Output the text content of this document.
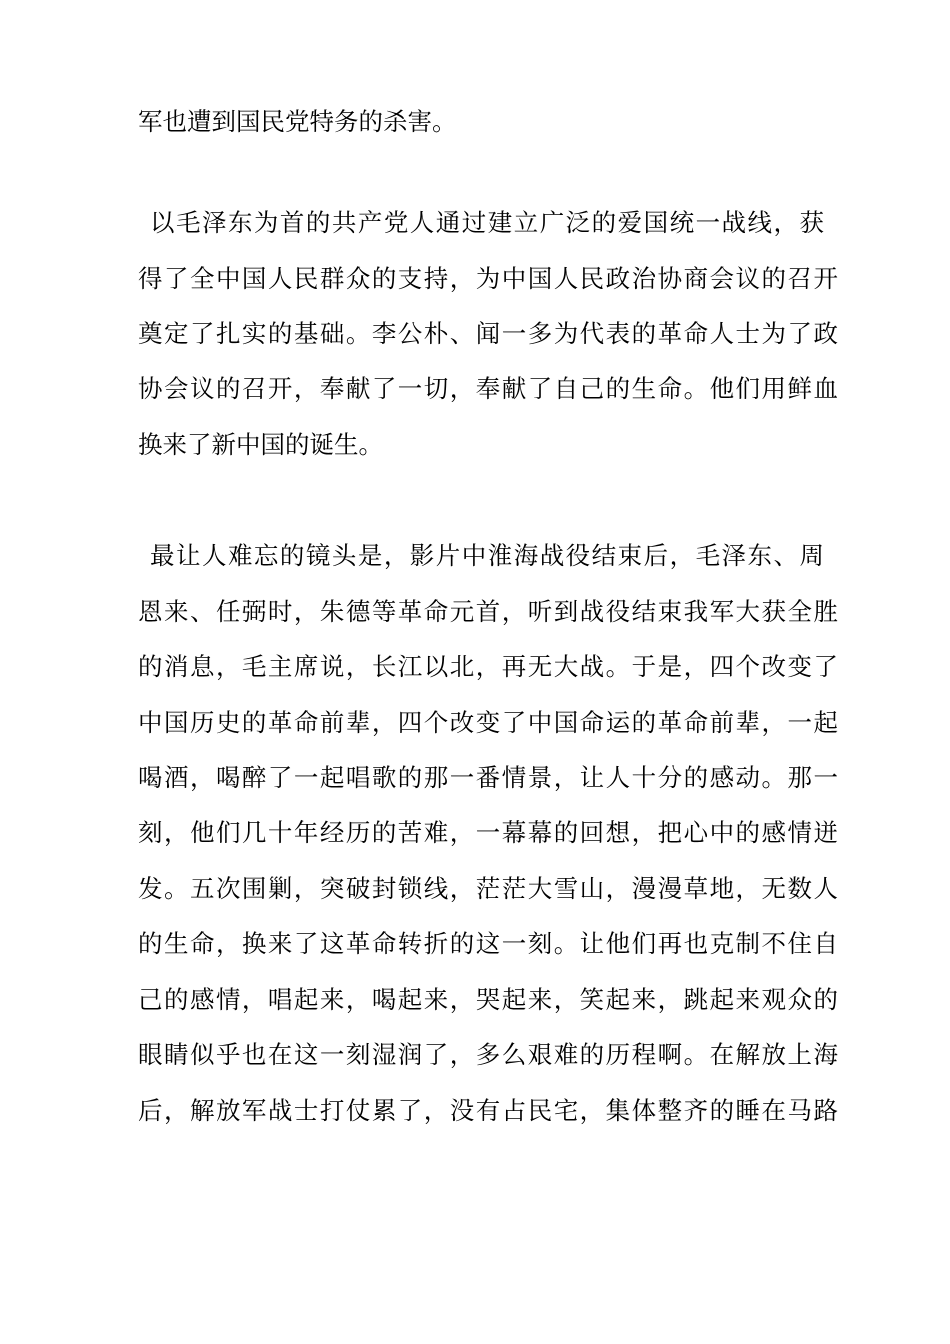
军也遭到国民党特务的杀害。
以毛泽东为首的共产党人通过建立广泛的爱国统一战线，获
得了全中国人民群众的支持，为中国人民政治协商会议的召开
奠定了扎实的基础。李公朴、闻一多为代表的革命人士为了政
协会议的召开，奉献了一切，奉献了自己的生命。他们用鲜血
换来了新中国的诞生。
最让人难忘的镜头是，影片中淮海战役结束后，毛泽东、周
恩来、任弼时，朱德等革命元首，听到战役结束我军大获全胜
的消息，毛主席说，长江以北，再无大战。于是，四个改变了
中国历史的革命前辈，四个改变了中国命运的革命前辈，一起
喝酒，喝醉了一起唱歌的那一番情景，让人十分的感动。那一
刻，他们几十年经历的苦难，一幕幕的回想，把心中的感情迸
发。五次围剿，突破封锁线，茫茫大雪山，漫漫草地，无数人
的生命，换来了这革命转折的这一刻。让他们再也克制不住自
己的感情，唱起来，喝起来，哭起来，笑起来，跳起来观众的
眼睛似乎也在这一刻湿润了，多么艰难的历程啊。在解放上海
后，解放军战士打仗累了，没有占民宅，集体整齐的睡在马路
